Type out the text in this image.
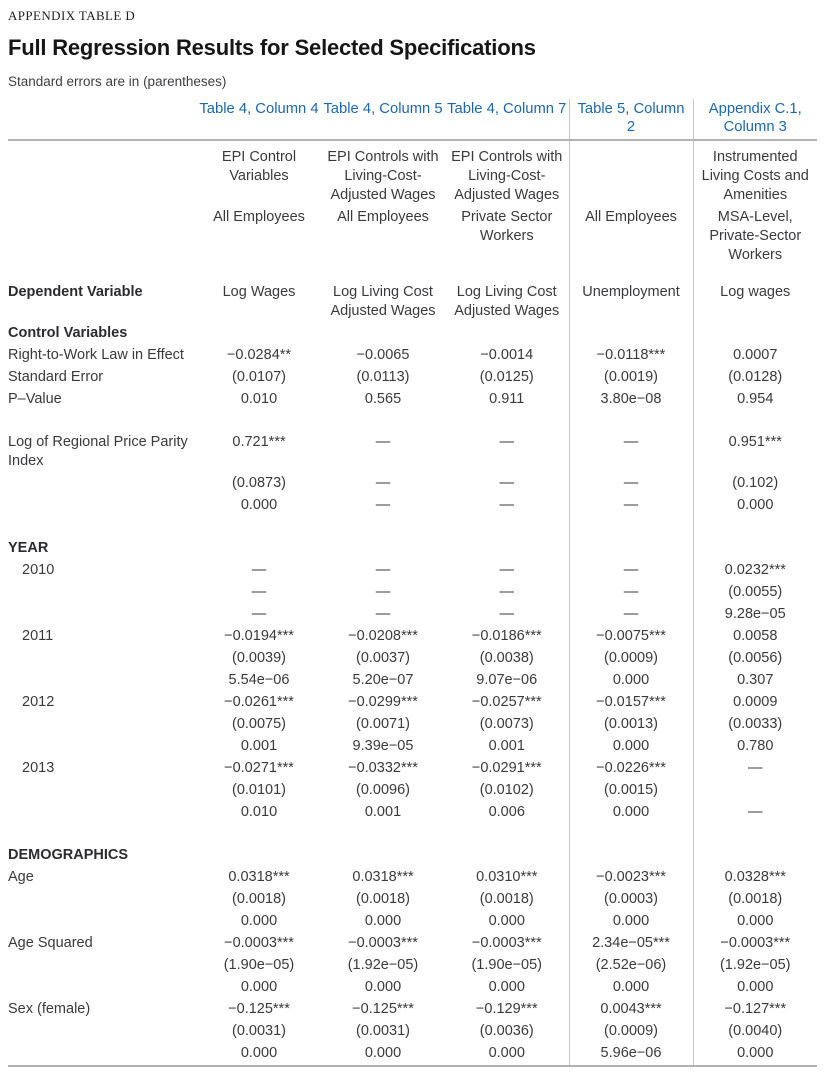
APPENDIX TABLE D
Full Regression Results for Selected Specifications
Standard errors are in (parentheses)
	Table 4, Column 4	Table 4, Column 5	Table 4, Column 7	Table 5, Column 2	Appendix C.1, Column 3
	EPI Control Variables	EPI Controls with Living-Cost-Adjusted Wages	EPI Controls with Living-Cost-Adjusted Wages		Instrumented Living Costs and Amenities
	All Employees	All Employees	Private Sector Workers	All Employees	MSA-Level, Private-Sector Workers
Dependent Variable	Log Wages	Log Living Cost Adjusted Wages	Log Living Cost Adjusted Wages	Unemployment	Log wages
Control Variables					
Right-to-Work Law in Effect	−0.0284**	−0.0065	−0.0014	−0.0118***	0.0007
Standard Error	(0.0107)	(0.0113)	(0.0125)	(0.0019)	(0.0128)
P–Value	0.010	0.565	0.911	3.80e−08	0.954

Log of Regional Price Parity Index	0.721***	—	—	—	0.951***
	(0.0873)	—	—	—	(0.102)
	0.000	—	—	—	0.000

YEAR					
2010	—	—	—	—	0.0232***
	—	—	—	—	(0.0055)
	—	—	—	—	9.28e−05
2011	−0.0194***	−0.0208***	−0.0186***	−0.0075***	0.0058
	(0.0039)	(0.0037)	(0.0038)	(0.0009)	(0.0056)
	5.54e−06	5.20e−07	9.07e−06	0.000	0.307
2012	−0.0261***	−0.0299***	−0.0257***	−0.0157***	0.0009
	(0.0075)	(0.0071)	(0.0073)	(0.0013)	(0.0033)
	0.001	9.39e−05	0.001	0.000	0.780
2013	−0.0271***	−0.0332***	−0.0291***	−0.0226***	—
	(0.0101)	(0.0096)	(0.0102)	(0.0015)	
	0.010	0.001	0.006	0.000	—

DEMOGRAPHICS					
Age	0.0318***	0.0318***	0.0310***	−0.0023***	0.0328***
	(0.0018)	(0.0018)	(0.0018)	(0.0003)	(0.0018)
	0.000	0.000	0.000	0.000	0.000
Age Squared	−0.0003***	−0.0003***	−0.0003***	2.34e−05***	−0.0003***
	(1.90e−05)	(1.92e−05)	(1.90e−05)	(2.52e−06)	(1.92e−05)
	0.000	0.000	0.000	0.000	0.000
Sex (female)	−0.125***	−0.125***	−0.129***	0.0043***	−0.127***
	(0.0031)	(0.0031)	(0.0036)	(0.0009)	(0.0040)
	0.000	0.000	0.000	5.96e−06	0.000
